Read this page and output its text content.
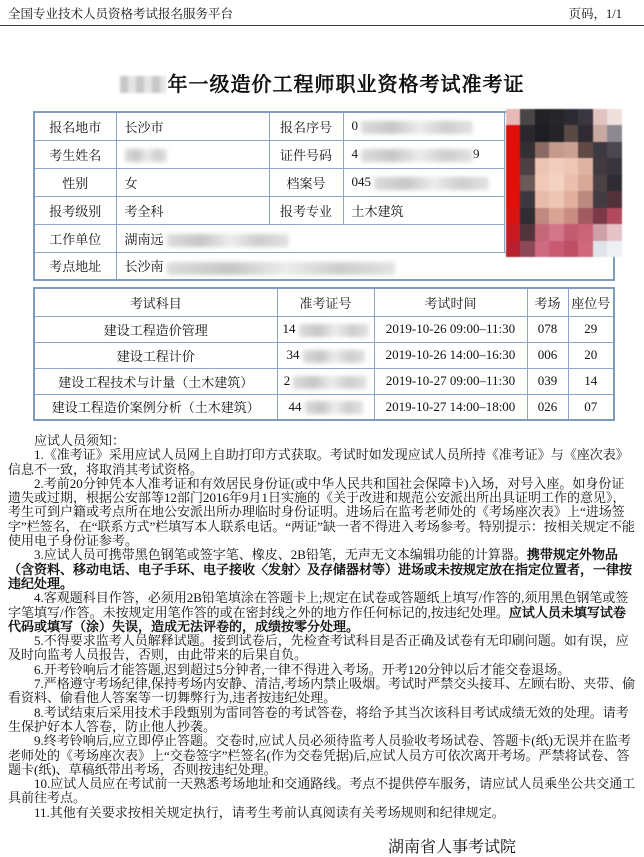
全国专业技术人员资格考试报名服务平台	页码，1/1
年一级造价工程师职业资格考试准考证
报名地市	长沙市	报名序号	0	

考生姓名		证件号码	4 9	
性别	女	档案号	045	
报考级别	考全科	报考专业	土木建筑	
工作单位	湖南远			
考点地址	长沙南			
考试科目	准考证号	考试时间	考场	座位号
建设工程造价管理	14	2019-10-26 09:00–11:30	078	29
建设工程计价	34	2019-10-26 14:00–16:30	006	20
建设工程技术与计量（土木建筑）	2	2019-10-27 09:00–11:30	039	14
建设工程造价案例分析（土木建筑）	44	2019-10-27 14:00–18:00	026	07

应试人员须知：

1.《准考证》采用应试人员网上自助打印方式获取。考试时如发现应试人员所持《准考证》与《座次表》信息不一致，将取消其考试资格。

2.考前20分钟凭本人准考证和有效居民身份证(或中华人民共和国社会保障卡)入场，对号入座。如身份证遗失或过期，根据公安部等12部门2016年9月1日实施的《关于改进和规范公安派出所出具证明工作的意见》，考生可到户籍或考点所在地公安派出所办理临时身份证明。进场后在监考老师处的《考场座次表》上“进场签字”栏签名，在“联系方式”栏填写本人联系电话。“两证”缺一者不得进入考场参考。特别提示：按相关规定不能使用电子身份证参考。

3.应试人员可携带黑色钢笔或签字笔、橡皮、2B铅笔，无声无文本编辑功能的计算器。携带规定外物品（含资料、移动电话、电子手环、电子接收〈发射〉及存储器材等）进场或未按规定放在指定位置者，一律按违纪处理。

4.客观题科目作答，必须用2B铅笔填涂在答题卡上;规定在试卷或答题纸上填写/作答的,须用黑色钢笔或签字笔填写/作答。未按规定用笔作答的或在密封线之外的地方作任何标记的,按违纪处理。应试人员未填写试卷代码或填写（涂）失误，造成无法评卷的，成绩按零分处理。

5.不得要求监考人员解释试题。接到试卷后，先检查考试科目是否正确及试卷有无印刷问题。如有误，应及时向监考人员报告，否则，由此带来的后果自负。

6.开考铃响后才能答题,迟到超过5分钟者,一律不得进入考场。开考120分钟以后才能交卷退场。

7.严格遵守考场纪律,保持考场内安静、清洁,考场内禁止吸烟。考试时严禁交头接耳、左顾右盼、夹带、偷看资料、偷看他人答案等一切舞弊行为,违者按违纪处理。

8.考试结束后采用技术手段甄别为雷同答卷的考试答卷，将给予其当次该科目考试成绩无效的处理。请考生保护好本人答卷，防止他人抄袭。

9.终考铃响后,应立即停止答题。交卷时,应试人员必须待监考人员验收考场试卷、答题卡(纸)无误并在监考老师处的《考场座次表》上“交卷签字”栏签名(作为交卷凭据)后,应试人员方可依次离开考场。严禁将试卷、答题卡(纸)、草稿纸带出考场，否则按违纪处理。

10.应试人员应在考试前一天熟悉考场地址和交通路线。考点不提供停车服务，请应试人员乘坐公共交通工具前往考点。

11.其他有关要求按相关规定执行，请考生考前认真阅读有关考场规则和纪律规定。

湖南省人事考试院
